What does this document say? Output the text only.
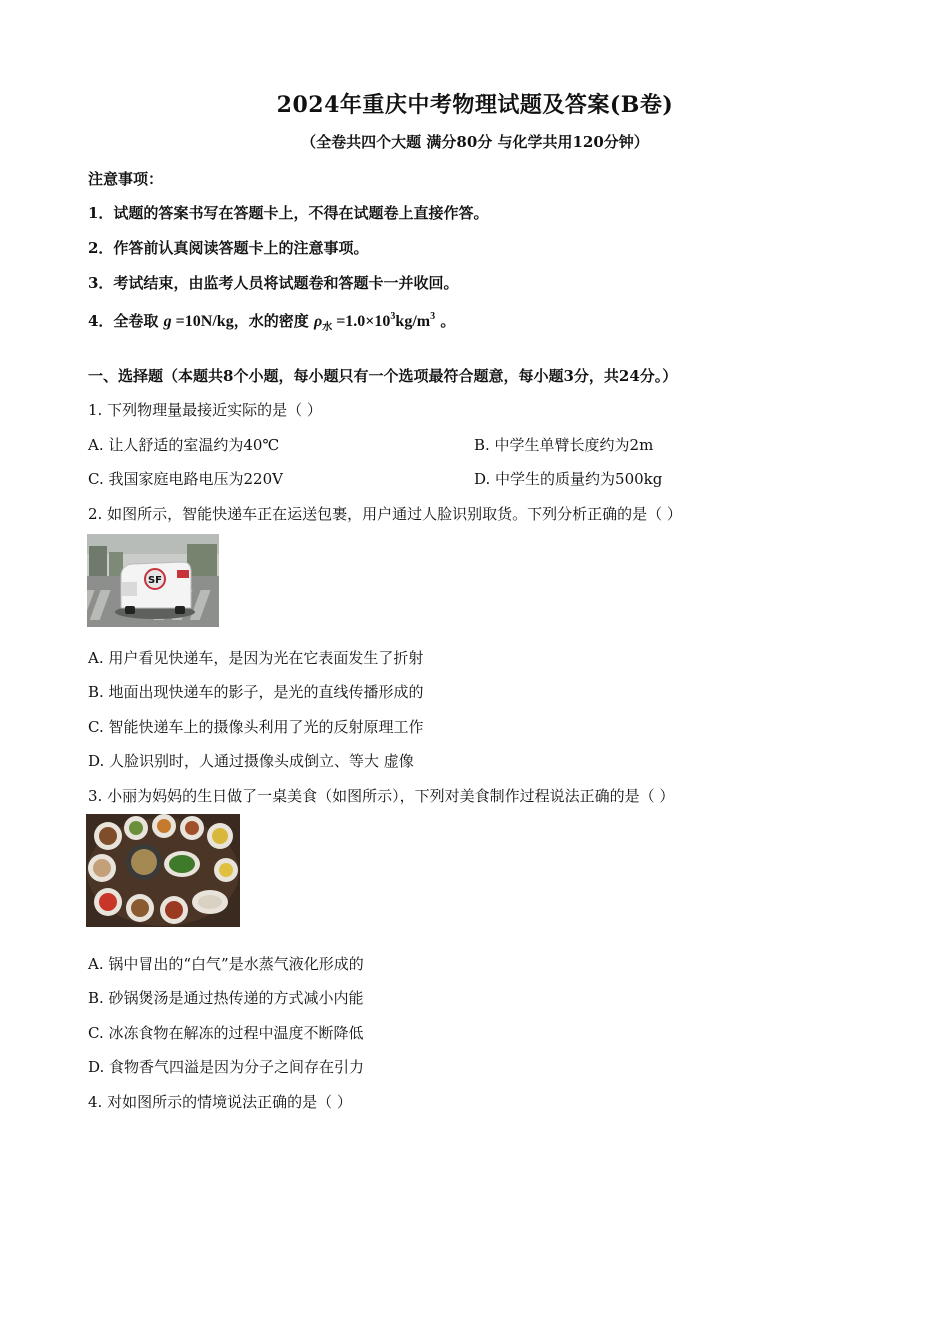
2024年重庆中考物理试题及答案(B卷)
（全卷共四个大题 满分80分 与化学共用120分钟）
注意事项：
1．试题的答案书写在答题卡上，不得在试题卷上直接作答。
2．作答前认真阅读答题卡上的注意事项。
3．考试结束，由监考人员将试题卷和答题卡一并收回。
4．全卷取 g =10N/kg，水的密度 $\rho_水 =1.0\times 10^3kg/m^3$ 。
一、选择题（本题共8个小题，每小题只有一个选项最符合题意，每小题3分，共24分。）
1. 下列物理量最接近实际的是（ ）
A. 让人舒适的室温约为40℃	B. 中学生单臂长度约为2m
C. 我国家庭电路电压为220V	D. 中学生的质量约为500kg
2. 如图所示，智能快递车正在运送包裹，用户通过人脸识别取货。下列分析正确的是（ ）
SF
A. 用户看见快递车，是因为光在它表面发生了折射
B. 地面出现快递车的影子，是光的直线传播形成的
C. 智能快递车上的摄像头利用了光的反射原理工作
D. 人脸识别时，人通过摄像头成倒立、等大 虚像
3. 小丽为妈妈的生日做了一桌美食（如图所示），下列对美食制作过程说法正确的是（ ）
A. 锅中冒出的“白气”是水蒸气液化形成的
B. 砂锅煲汤是通过热传递的方式减小内能
C. 冰冻食物在解冻的过程中温度不断降低
D. 食物香气四溢是因为分子之间存在引力
4. 对如图所示的情境说法正确的是（ ）
